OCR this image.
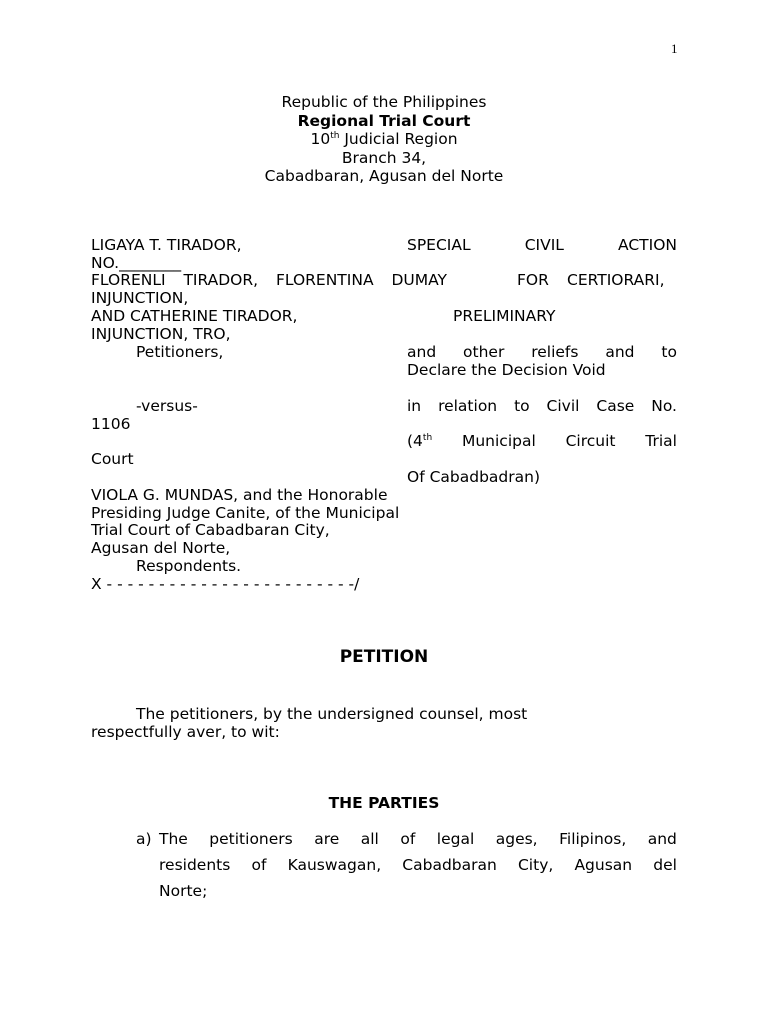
1
Republic of the Philippines
Regional Trial Court
10th Judicial Region
Branch 34,
Cabadbaran, Agusan del Norte
LIGAYA T. TIRADOR,
NO.________
FLORENLI TIRADOR, FLORENTINA DUMAY
INJUNCTION,
AND CATHERINE TIRADOR,
INJUNCTION, TRO,
Petitioners,
-versus-
1106
Court
VIOLA G. MUNDAS, and the Honorable
Presiding Judge Canite, of the Municipal
Trial Court of Cabadbaran City,
Agusan del Norte,
Respondents.
X - - - - - - - - - - - - - - - - - - - - - - - -/
SPECIAL	CIVIL	ACTION
FOR CERTIORARI,
PRELIMINARY
and other reliefs and to
Declare the Decision Void
in relation to Civil Case No.
(4th Municipal Circuit Trial
Of Cabadbadran)
PETITION
The petitioners, by the undersigned counsel, most
respectfully aver, to wit:
THE PARTIES
a) The petitioners are all of legal ages, Filipinos, and
residents of Kauswagan, Cabadbaran City, Agusan del
Norte;
